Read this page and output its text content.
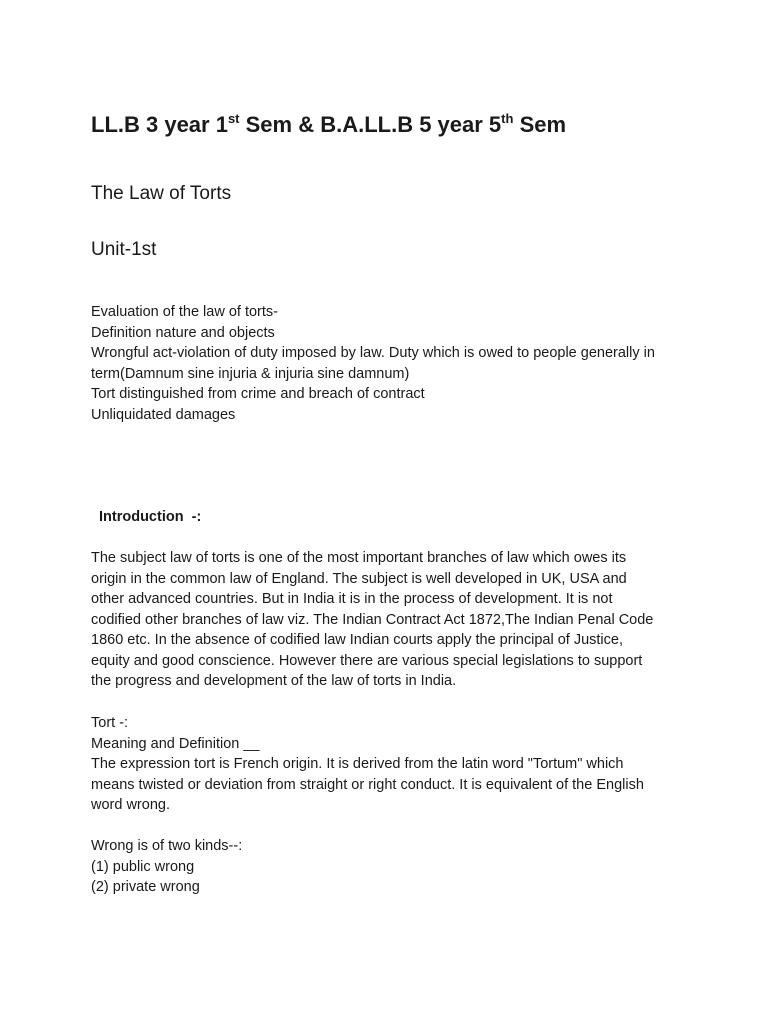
LL.B 3 year 1st Sem & B.A.LL.B 5 year 5th Sem
The Law of Torts
Unit-1st
Evaluation of the law of torts-
Definition nature and objects
Wrongful act-violation of duty imposed by law. Duty which is owed to people generally in
term(Damnum sine injuria & injuria sine damnum)
Tort distinguished from crime and breach of contract
Unliquidated damages
Introduction  -:

The subject law of torts is one of the most important branches of law which owes its
origin in the common law of England. The subject is well developed in UK, USA and
other advanced countries. But in India it is in the process of development. It is not
codified other branches of law viz. The Indian Contract Act 1872,The Indian Penal Code
1860 etc. In the absence of codified law Indian courts apply the principal of Justice,
equity and good conscience. However there are various special legislations to support
the progress and development of the law of torts in India.

Tort -:
Meaning and Definition __
The expression tort is French origin. It is derived from the latin word "Tortum" which
means twisted or deviation from straight or right conduct. It is equivalent of the English
word wrong.

Wrong is of two kinds--:
(1) public wrong
(2) private wrong
